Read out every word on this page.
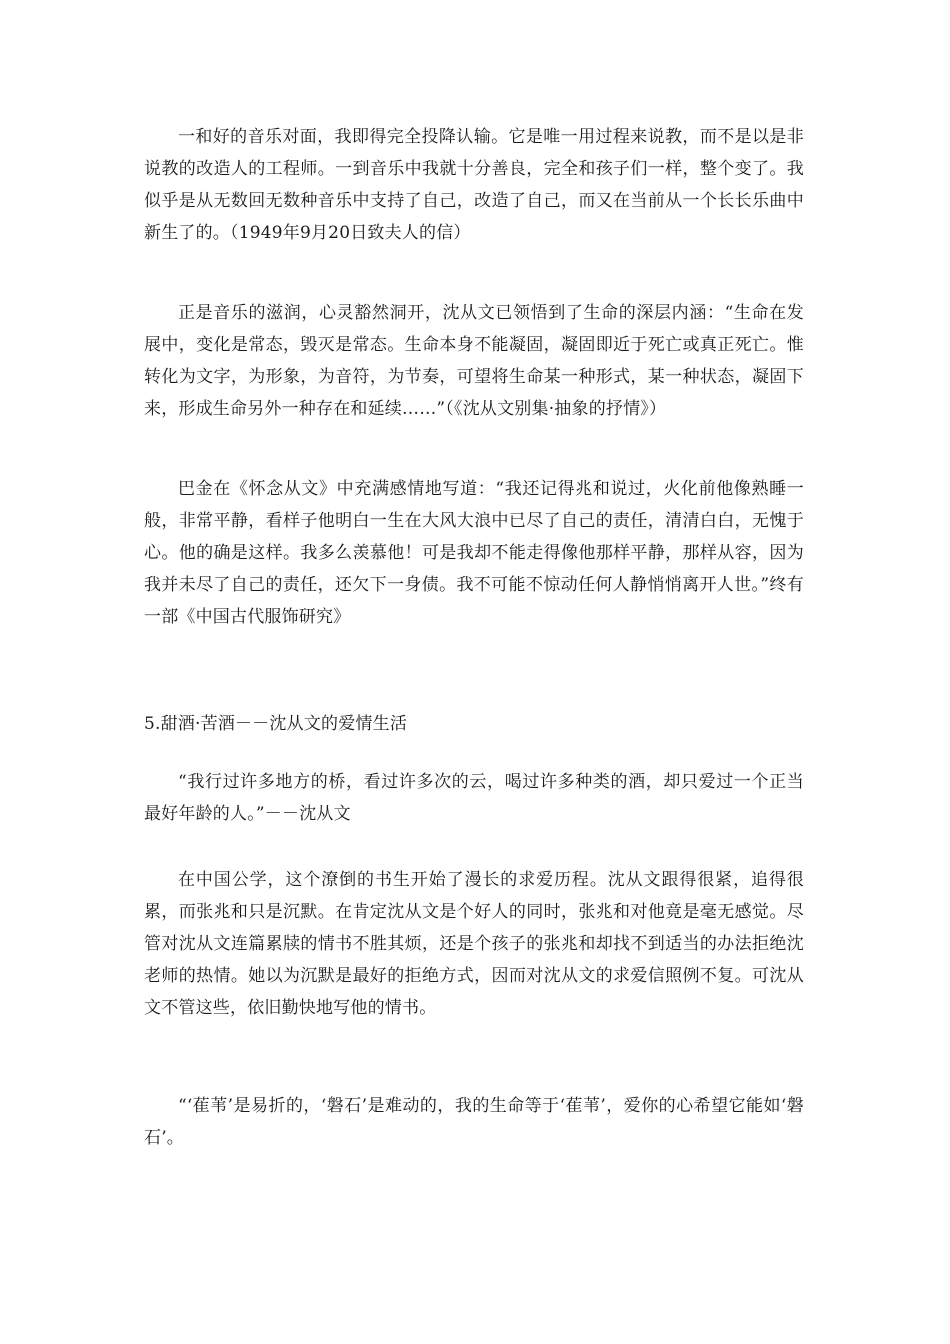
一和好的音乐对面，我即得完全投降认输。它是唯一用过程来说教，而不是以是非说教的改造人的工程师。一到音乐中我就十分善良，完全和孩子们一样，整个变了。我似乎是从无数回无数种音乐中支持了自己，改造了自己，而又在当前从一个长长乐曲中新生了的。（1949年9月20日致夫人的信）

正是音乐的滋润，心灵豁然洞开，沈从文已领悟到了生命的深层内涵：“生命在发展中，变化是常态，毁灭是常态。生命本身不能凝固，凝固即近于死亡或真正死亡。惟转化为文字，为形象，为音符，为节奏，可望将生命某一种形式，某一种状态，凝固下来，形成生命另外一种存在和延续……”（《沈从文别集·抽象的抒情》）

巴金在《怀念从文》中充满感情地写道：“我还记得兆和说过，火化前他像熟睡一般，非常平静，看样子他明白一生在大风大浪中已尽了自己的责任，清清白白，无愧于心。他的确是这样。我多么羡慕他！可是我却不能走得像他那样平静，那样从容，因为我并未尽了自己的责任，还欠下一身债。我不可能不惊动任何人静悄悄离开人世。”终有一部《中国古代服饰研究》

5.甜酒·苦酒－－沈从文的爱情生活

“我行过许多地方的桥，看过许多次的云，喝过许多种类的酒，却只爱过一个正当最好年龄的人。”－－沈从文

在中国公学，这个潦倒的书生开始了漫长的求爱历程。沈从文跟得很紧，追得很累，而张兆和只是沉默。在肯定沈从文是个好人的同时，张兆和对他竟是毫无感觉。尽管对沈从文连篇累牍的情书不胜其烦，还是个孩子的张兆和却找不到适当的办法拒绝沈老师的热情。她以为沉默是最好的拒绝方式，因而对沈从文的求爱信照例不复。可沈从文不管这些，依旧勤快地写他的情书。

“‘萑苇’是易折的，‘磐石’是难动的，我的生命等于‘萑苇’，爱你的心希望它能如‘磐石’。
